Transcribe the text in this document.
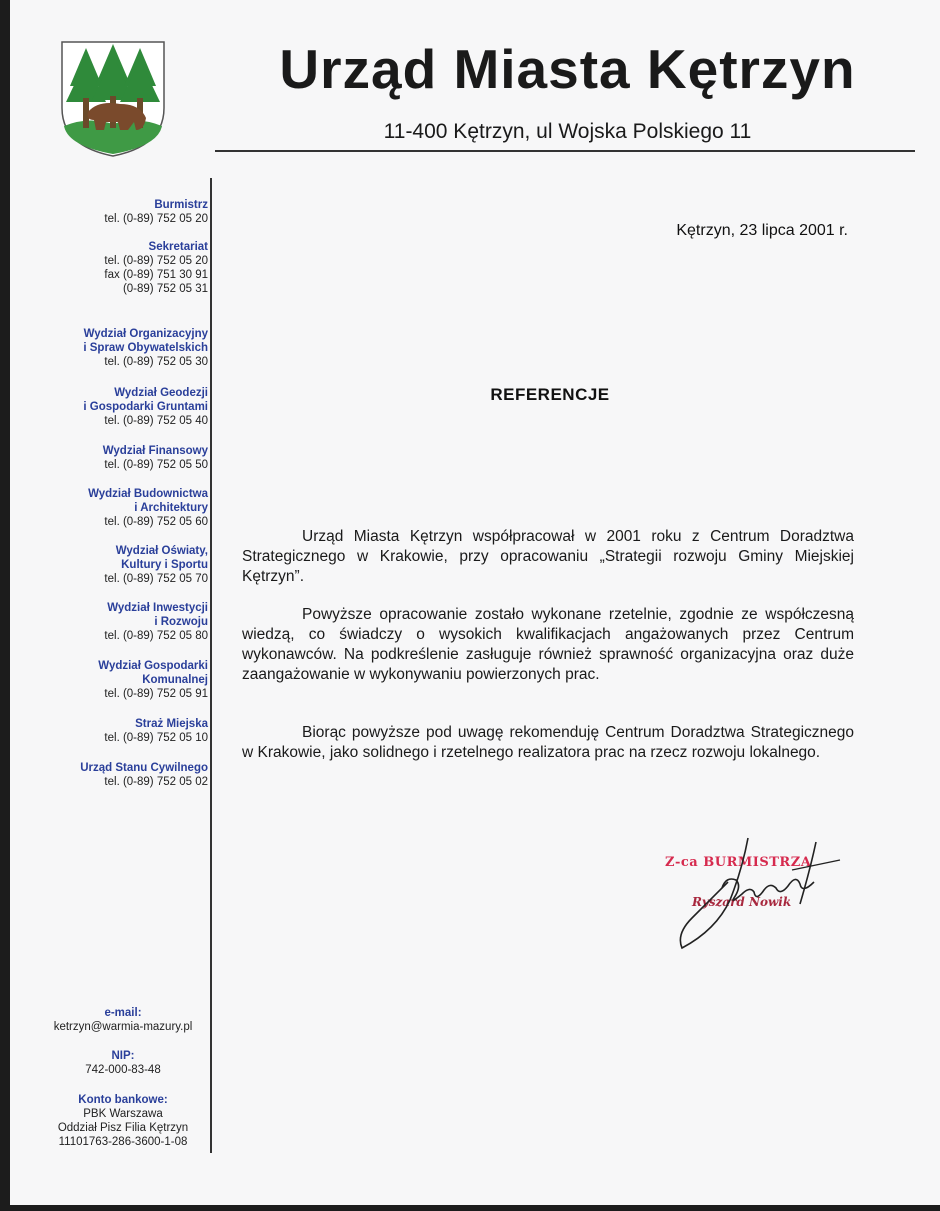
Urząd Miasta Kętrzyn
11-400 Kętrzyn, ul Wojska Polskiego 11
Burmistrz
tel. (0-89) 752 05 20
Sekretariat
tel. (0-89) 752 05 20
fax (0-89) 751 30 91
(0-89) 752 05 31
Wydział Organizacyjny
i Spraw Obywatelskich
tel. (0-89) 752 05 30
Wydział Geodezji
i Gospodarki Gruntami
tel. (0-89) 752 05 40
Wydział Finansowy
tel. (0-89) 752 05 50
Wydział Budownictwa
i Architektury
tel. (0-89) 752 05 60
Wydział Oświaty,
Kultury i Sportu
tel. (0-89) 752 05 70
Wydział Inwestycji
i Rozwoju
tel. (0-89) 752 05 80
Wydział Gospodarki
Komunalnej
tel. (0-89) 752 05 91
Straż Miejska
tel. (0-89) 752 05 10
Urząd Stanu Cywilnego
tel. (0-89) 752 05 02
e-mail:
ketrzyn@warmia-mazury.pl
NIP:
742-000-83-48
Konto bankowe:
PBK Warszawa
Oddział Pisz Filia Kętrzyn
11101763-286-3600-1-08
Kętrzyn, 23 lipca 2001 r.
REFERENCJE
Urząd Miasta Kętrzyn współpracował w 2001 roku z Centrum Doradztwa Strategicznego w Krakowie, przy opracowaniu „Strategii rozwoju Gminy Miejskiej Kętrzyn”.
Powyższe opracowanie zostało wykonane rzetelnie, zgodnie ze współczesną wiedzą, co świadczy o wysokich kwalifikacjach angażowanych przez Centrum wykonawców. Na podkreślenie zasługuje również sprawność organizacyjna oraz duże zaangażowanie w wykonywaniu powierzonych prac.
Biorąc powyższe pod uwagę rekomenduję Centrum Doradztwa Strategicznego w Krakowie, jako solidnego i rzetelnego realizatora prac na rzecz rozwoju lokalnego.
Z-ca BURMISTRZA
Ryszard Nowik
